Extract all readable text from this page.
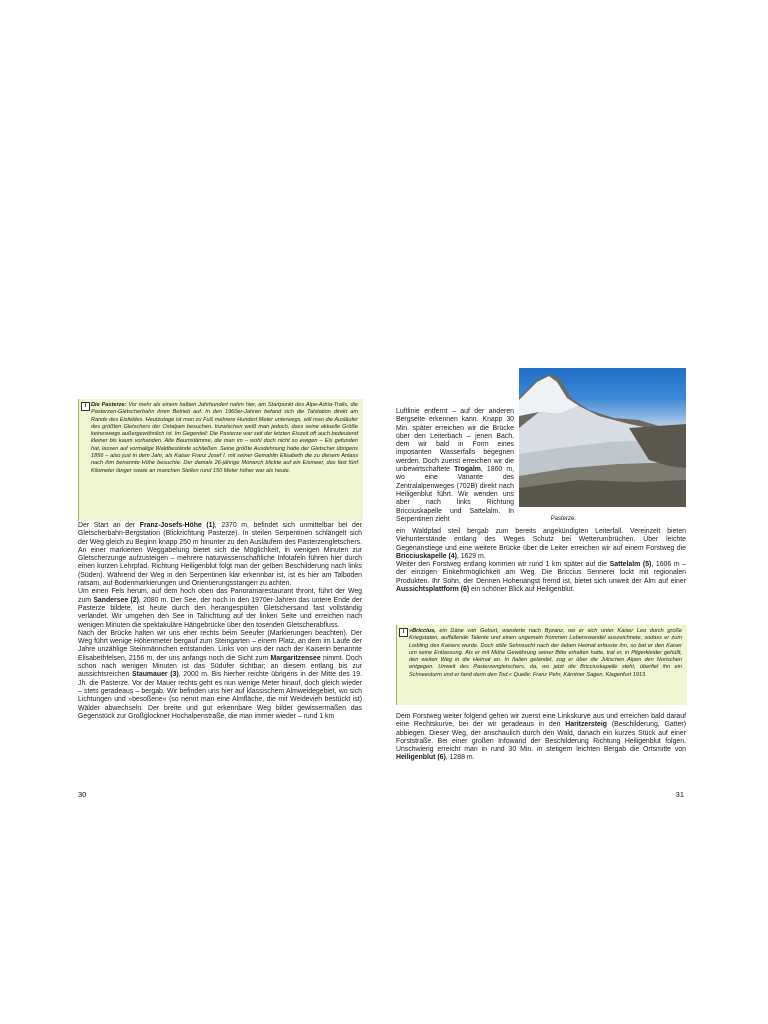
i Die Pasterze: Vor mehr als einem halben Jahrhundert nahm hier, am Startpunkt des Alpe-Adria-Trails, die Pasterzen-Gletscherbahn ihren Betrieb auf. In den 1960er-Jahren befand sich die Talstation direkt am Rande des Eisfeldes. Heutzutage ist man zu Fuß mehrere Hundert Meter unterwegs, will man die Ausläufer des größten Gletschers der Ostalpen besuchen. Inzwischen weiß man jedoch, dass seine aktuelle Größe keineswegs außergewöhnlich ist. Im Gegenteil: Die Pasterze war seit der letzten Eiszeit oft auch bedeutend kleiner bis kaum vorhanden. Alte Baumstämme, die man im – wohl doch nicht so ewigen – Eis gefunden hat, lassen auf vormalige Waldbestände schließen. Seine größte Ausdehnung hatte der Gletscher übrigens 1856 – also just in dem Jahr, als Kaiser Franz Josef I. mit seiner Gemahlin Elisabeth die zu diesem Anlass nach ihm benannte Höhe besuchte. Der damals 26-jährige Monarch blickte auf ein Eismeer, das fast fünf Kilometer länger sowie an manchen Stellen rund 150 Meter höher war als heute.

Der Start an der Franz-Josefs-Höhe (1), 2370 m, befindet sich unmittelbar bei der Gletscherbahn-Bergstation (Blickrichtung Pasterze). In steilen Serpentinen schlängelt sich der Weg gleich zu Beginn knapp 250 m hinunter zu den Ausläufern des Pasterzengletschers. An einer markierten Weggabelung bietet sich die Möglichkeit, in wenigen Minuten zur Gletscherzunge aufzusteigen – mehrere naturwissenschaftliche Infotafeln führen hier durch einen kurzen Lehrpfad. Richtung Heiligenblut folgt man der gelben Beschilderung nach links (Süden). Während der Weg in den Serpentinen klar erkennbar ist, ist es hier am Talboden ratsam, auf Bodenmarkierungen und Orientierungsstangen zu achten.

Um einen Fels herum, auf dem hoch oben das Panoramarestaurant thront, führt der Weg zum Sandersee (2), 2080 m. Der See, der noch in den 1970er-Jahren das untere Ende der Pasterze bildete, ist heute durch den herangespülten Gletschersand fast vollständig verlandet. Wir umgehen den See in Talrichtung auf der linken Seite und erreichen nach wenigen Minuten die spektakuläre Hängebrücke über den tosenden Gletscherabfluss.

Nach der Brücke halten wir uns eher rechts beim Seeufer (Markierungen beachten). Der Weg führt wenige Höhenmeter bergauf zum Steingarten – einem Platz, an dem im Laufe der Jahre unzählige Steinmännchen entstanden. Links von uns der nach der Kaiserin benannte Elisabethfelsen, 2156 m, der uns anfangs noch die Sicht zum Margaritzensee nimmt. Doch schon nach wenigen Minuten ist das Südufer sichtbar; an diesem entlang bis zur aussichtsreichen Staumauer (3), 2000 m. Bis hierher reichte übrigens in der Mitte des 19. Jh. die Pasterze. Vor der Mauer rechts geht es nun wenige Meter hinauf, doch gleich wieder – stets geradeaus – bergab. Wir befinden uns hier auf klassischem Almweidegebiet, wo sich Lichtungen und »besoßene« (so nennt man eine Almfläche, die mit Weidevieh bestückt ist) Wälder abwechseln. Der breite und gut erkennbare Weg bildet gewissermaßen das Gegenstück zur Großglockner Hochalpenstraße, die man immer wieder – rund 1 km

30
Pasterze.

Luftlinie entfernt – auf der anderen Bergseite erkennen kann. Knapp 30 Min. später erreichen wir die Brücke über den Leiterbach – jenen Bach, dem wir bald in Form eines imposanten Wasserfalls begegnen werden. Doch zuerst erreichen wir die unbewirtschaftete Trogalm, 1860 m, wo eine Variante des Zentralalpenweges (702B) direkt nach Heiligenblut führt. Wir wenden uns aber nach links Richtung Bricciuskapelle und Sattelalm. In Serpentinen zieht

ein Waldpfad steil bergab zum bereits angekündigten Leiterfall. Vereinzelt bieten Viehunterstände entlang des Weges Schutz bei Wetterumbrüchen. Über leichte Gegenanstiege und eine weitere Brücke über die Leiter erreichen wir auf einem Forstweg die Bricciuskapelle (4), 1629 m.

Weiter den Forstweg entlang kommen wir rund 1 km später auf die Sattelalm (5), 1606 m – der einzigen Einkehrmöglichkeit am Weg. Die Briccius Sennerei lockt mit regionalen Produkten. Ihr Sohn, der Dennen Hohenangst fremd ist, bietet sich unweit der Alm auf einer Aussichtsplattform (6) ein schöner Blick auf Heiligenblut.

i »Briccius, ein Däne von Geburt, wanderte nach Byzanz, wo er sich unter Kaiser Leo durch große Kriegstaten, auffallende Talente und einen ungemein frommen Lebenswandel auszeichnete, sodass er zum Liebling des Kaisers wurde. Doch stille Sehnsucht nach der lieben Heimat erfasste ihn, so bat er den Kaiser um seine Entlassung. Als er mit Mühe Gewährung seiner Bitte erhalten hatte, trat er, in Pilgerkleider gehüllt, den weiten Weg in die Heimat an. In Italien gelandet, zog er über die Julischen Alpen den Norischen entgegen. Unweit des Pasterzengletschers, da, wo jetzt die Bricciuskapelle steht, überfiel ihn ein Schneesturm und er fand darin den Tod.« Quelle: Franz Pehr, Kärntner Sagen, Klagenfurt 1913.

Dem Forstweg weiter folgend gehen wir zuerst eine Linkskurve aus und erreichen bald darauf eine Rechtskurve, bei der wir geradeaus in den Haritzersteig (Beschilderung, Gatter) abbiegen. Dieser Weg, der anschaulich durch den Wald, danach ein kurzes Stück auf einer Forststraße. Bei einer großen Infowand der Beschilderung Richtung Heiligenblut folgen. Unschwierig erreicht man in rund 30 Min. in stetigem leichten Bergab die Ortsmitte von Heiligenblut (6), 1288 m.

31
